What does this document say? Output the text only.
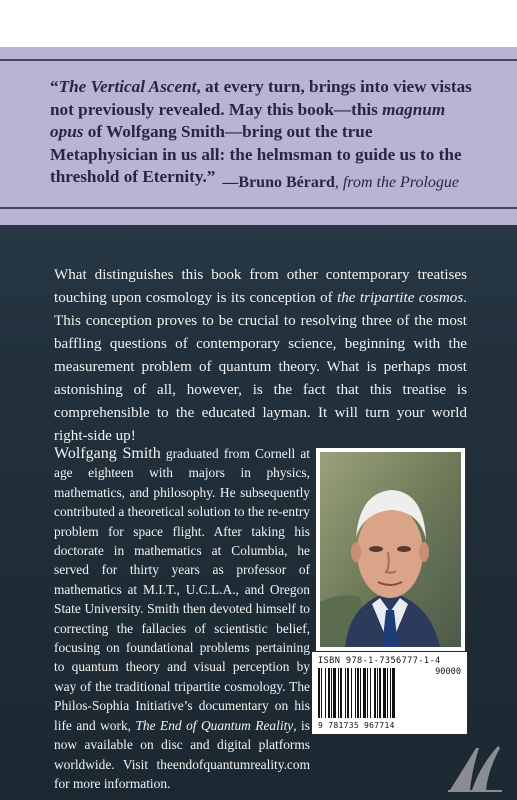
“The Vertical Ascent, at every turn, brings into view vistas not previously revealed. May this book—this magnum opus of Wolfgang Smith—bring out the true Metaphysician in us all: the helmsman to guide us to the threshold of Eternity.” —Bruno Bérard, from the Prologue
What distinguishes this book from other contemporary treatises touching upon cosmology is its conception of the tripartite cosmos. This conception proves to be crucial to resolving three of the most baffling questions of contemporary science, beginning with the measurement problem of quantum theory. What is perhaps most astonishing of all, however, is the fact that this treatise is comprehensible to the educated layman. It will turn your world right-side up!
Wolfgang Smith graduated from Cornell at age eighteen with majors in physics, mathematics, and philosophy. He subsequently contributed a theoretical solution to the re-entry problem for space flight. After taking his doctorate in mathematics at Columbia, he served for thirty years as professor of mathematics at M.I.T., U.C.L.A., and Oregon State University. Smith then devoted himself to correcting the fallacies of scientistic belief, focusing on foundational problems pertaining to quantum theory and visual perception by way of the traditional tripartite cosmology. The Philos-Sophia Initiative’s documentary on his life and work, The End of Quantum Reality, is now available on disc and digital platforms worldwide. Visit theendofquantumreality.com for more information.
ISBN 978-1-7356777-1-4
90000
9 781735 967714
